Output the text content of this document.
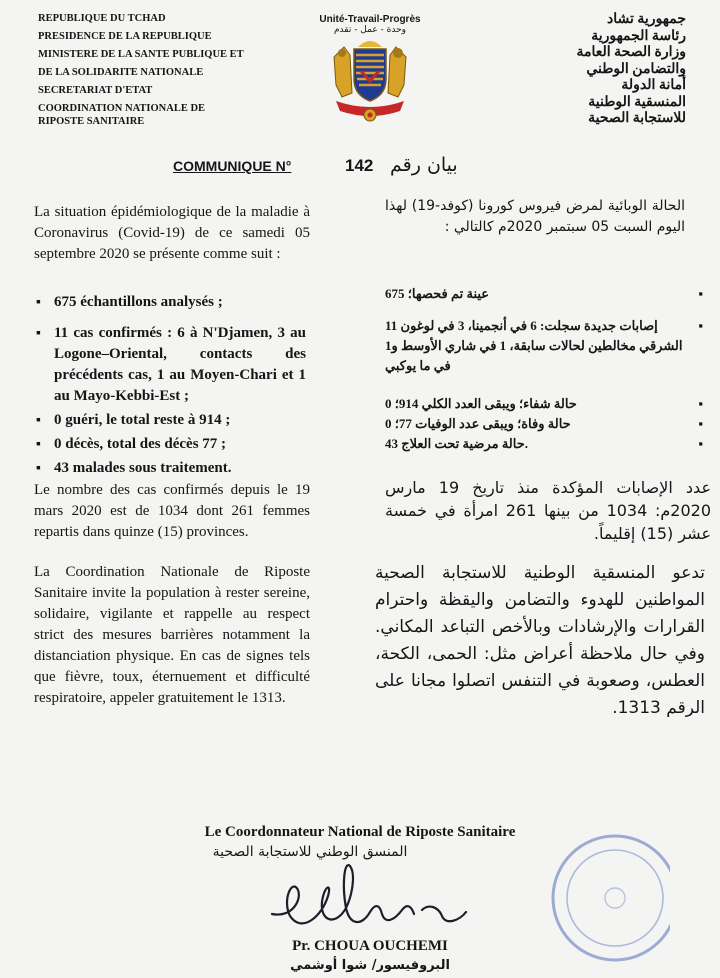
REPUBLIQUE DU TCHAD
PRESIDENCE DE LA REPUBLIQUE
MINISTERE DE LA SANTE PUBLIQUE ET
DE LA SOLIDARITE NATIONALE
SECRETARIAT D'ETAT
COORDINATION NATIONALE DE
RIPOSTE SANITAIRE
Unité-Travail-Progrès
وحدة - عمل - تقدم
جمهورية تشاد
رئاسة الجمهورية
وزارة الصحة العامة
والتضامن الوطني
أمانة الدولة
المنسقية الوطنية
للاستجابة الصحية
COMMUNIQUE N°	142 بيان رقم
La situation épidémiologique de la maladie à Coronavirus (Covid-19) de ce samedi 05 septembre 2020 se présente comme suit :
▪ 675 échantillons analysés ;
▪ 11 cas confirmés : 6 à N'Djamen, 3 au Logone–Oriental, contacts des précédents cas, 1 au Moyen-Chari et 1 au Mayo-Kebbi-Est ;
▪ 0 guéri, le total reste à 914 ;
▪ 0 décès, total des décès 77 ;
▪ 43 malades sous traitement.
Le nombre des cas confirmés depuis le 19 mars 2020 est de 1034 dont 261 femmes repartis dans quinze (15) provinces.
La Coordination Nationale de Riposte Sanitaire invite la population à rester sereine, solidaire, vigilante et rappelle au respect strict des mesures barrières notamment la distanciation physique. En cas de signes tels que fièvre, toux, éternuement et difficulté respiratoire, appeler gratuitement le 1313.
الحالة الوبائية لمرض فيروس كورونا (كوفد-19) لهذا اليوم السبت 05 سبتمبر 2020م كالتالي :
▪ 675 عينة تم فحصها؛
▪ 11 إصابات جديدة سجلت: 6 في أنجمينا، 3 في لوغون الشرقي مخالطين لحالات سابقة، 1 في شاري الأوسط و1 في ما يوكبي
▪ 0 حالة شفاء؛ ويبقى العدد الكلي 914؛
▪ 0 حالة وفاة؛ ويبقى عدد الوفيات 77؛
▪ 43 حالة مرضية تحت العلاج.
عدد الإصابات المؤكدة منذ تاريخ 19 مارس 2020م: 1034 من بينها 261 امرأة في خمسة عشر (15) إقليماً.
تدعو المنسقية الوطنية للاستجابة الصحية المواطنين للهدوء والتضامن واليقظة واحترام القرارات والإرشادات وبالأخص التباعد المكاني. وفي حال ملاحظة أعراض مثل: الحمى، الكحة، العطس، وصعوبة في التنفس اتصلوا مجانا على الرقم 1313.
Le Coordonnateur National de Riposte Sanitaire
المنسق الوطني للاستجابة الصحية
Pr. CHOUA OUCHEMI
البروفيسور/ شوا أوشمي
